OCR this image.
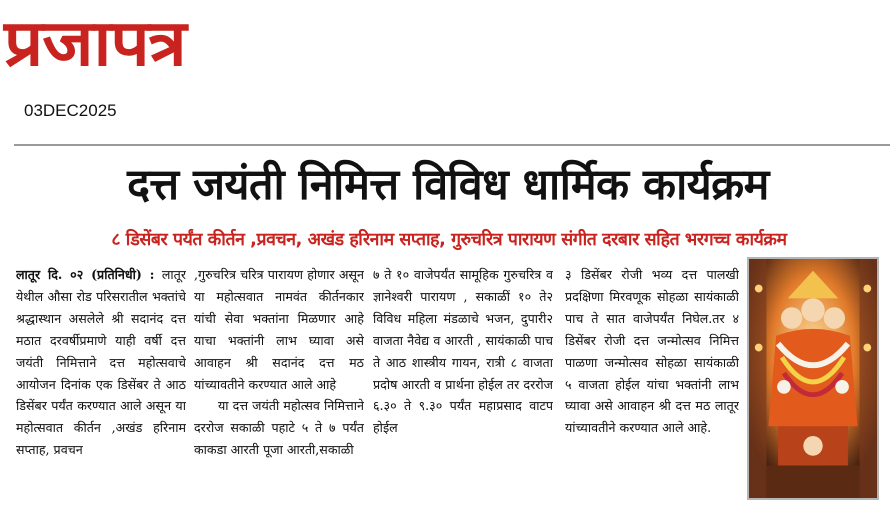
प्रजापत्र
03DEC2025
दत्त जयंती निमित्त विविध धार्मिक कार्यक्रम
८ डिसेंबर पर्यंत कीर्तन ,प्रवचन, अखंड हरिनाम सप्ताह, गुरुचरित्र पारायण संगीत दरबार सहित भरगच्च कार्यक्रम

लातूर दि. ०२ (प्रतिनिधी) : लातूर येथील औसा रोड परिसरातील भक्तांचे श्रद्धास्थान असलेले श्री सदानंद दत्त मठात दरवर्षीप्रमाणे याही वर्षी दत्त जयंती निमित्ताने दत्त महोत्सवाचे आयोजन दिनांक एक डिसेंबर ते आठ डिसेंबर पर्यंत करण्यात आले असून या महोत्सवात कीर्तन ,अखंड हरिनाम सप्ताह, प्रवचन

,गुरुचरित्र चरित्र पारायण होणार असून या महोत्सवात नामवंत कीर्तनकार यांची सेवा भक्तांना मिळणार आहे याचा भक्तांनी लाभ घ्यावा असे आवाहन श्री सदानंद दत्त मठ यांच्यावतीने करण्यात आले आहे

या दत्त जयंती महोत्सव निमित्ताने दररोज सकाळी पहाटे ५ ते ७ पर्यंत काकडा आरती पूजा आरती,सकाळी

७ ते १० वाजेपर्यंत सामूहिक गुरुचरित्र व ज्ञानेश्वरी पारायण , सकाळीं १० ते२ विविध महिला मंडळाचे भजन, दुपारी२ वाजता नैवेद्य व आरती , सायंकाळी पाच ते आठ शास्त्रीय गायन, रात्री ८ वाजता प्रदोष आरती व प्रार्थना होईल तर दररोज ६.३० ते ९.३० पर्यंत महाप्रसाद वाटप होईल

३ डिसेंबर रोजी भव्य दत्त पालखी प्रदक्षिणा मिरवणूक सोहळा सायंकाळी पाच ते सात वाजेपर्यंत निघेल.तर ४ डिसेंबर रोजी दत्त जन्मोत्सव निमित्त पाळणा जन्मोत्सव सोहळा सायंकाळी ५ वाजता होईल यांचा भक्तांनी लाभ घ्यावा असे आवाहन श्री दत्त मठ लातूर यांच्यावतीने करण्यात आले आहे.
